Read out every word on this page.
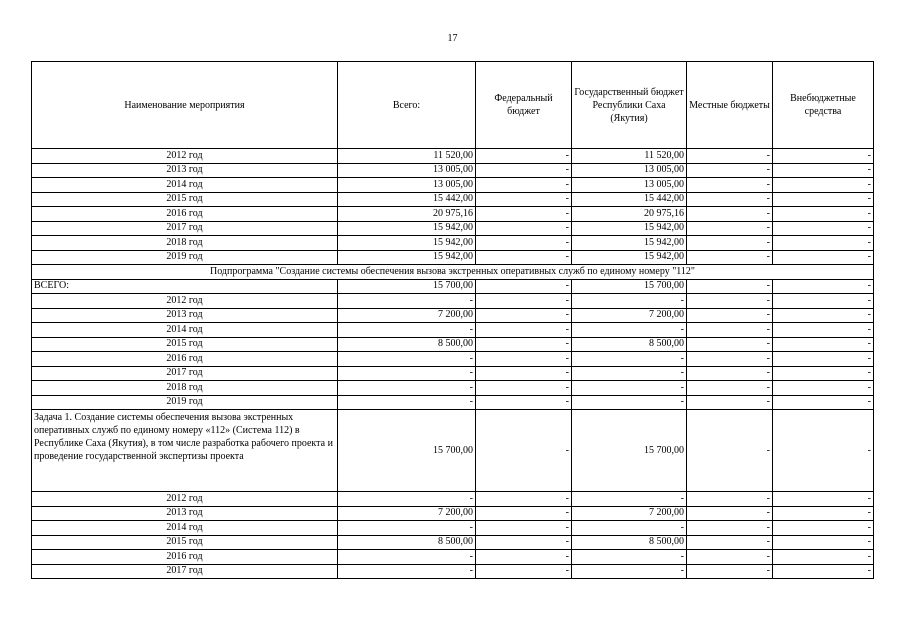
17
Наименование мероприятия	Всего:	Федеральный бюджет	Государственный бюджет Республики Саха (Якутия)	Местные бюджеты	Внебюджетные средства
2012 год	11 520,00	-	11 520,00	-	-
2013 год	13 005,00	-	13 005,00	-	-
2014 год	13 005,00	-	13 005,00	-	-
2015 год	15 442,00	-	15 442,00	-	-
2016 год	20 975,16	-	20 975,16	-	-
2017 год	15 942,00	-	15 942,00	-	-
2018 год	15 942,00	-	15 942,00	-	-
2019 год	15 942,00	-	15 942,00	-	-
Подпрограмма "Создание системы обеспечения вызова экстренных оперативных служб по единому номеру "112"					
ВСЕГО:	15 700,00	-	15 700,00	-	-
2012 год	-	-	-	-	-
2013 год	7 200,00	-	7 200,00	-	-
2014 год	-	-	-	-	-
2015 год	8 500,00	-	8 500,00	-	-
2016 год	-	-	-	-	-
2017 год	-	-	-	-	-
2018 год	-	-	-	-	-
2019 год	-	-	-	-	-
Задача 1. Создание системы обеспечения вызова экстренных оперативных служб по единому номеру «112» (Система 112) в Республике Саха (Якутия), в том числе разработка рабочего проекта и проведение государственной экспертизы проекта	15 700,00	-	15 700,00	-	-
2012 год	-	-	-	-	-
2013 год	7 200,00	-	7 200,00	-	-
2014 год	-	-	-	-	-
2015 год	8 500,00	-	8 500,00	-	-
2016 год	-	-	-	-	-
2017 год	-	-	-	-	-
